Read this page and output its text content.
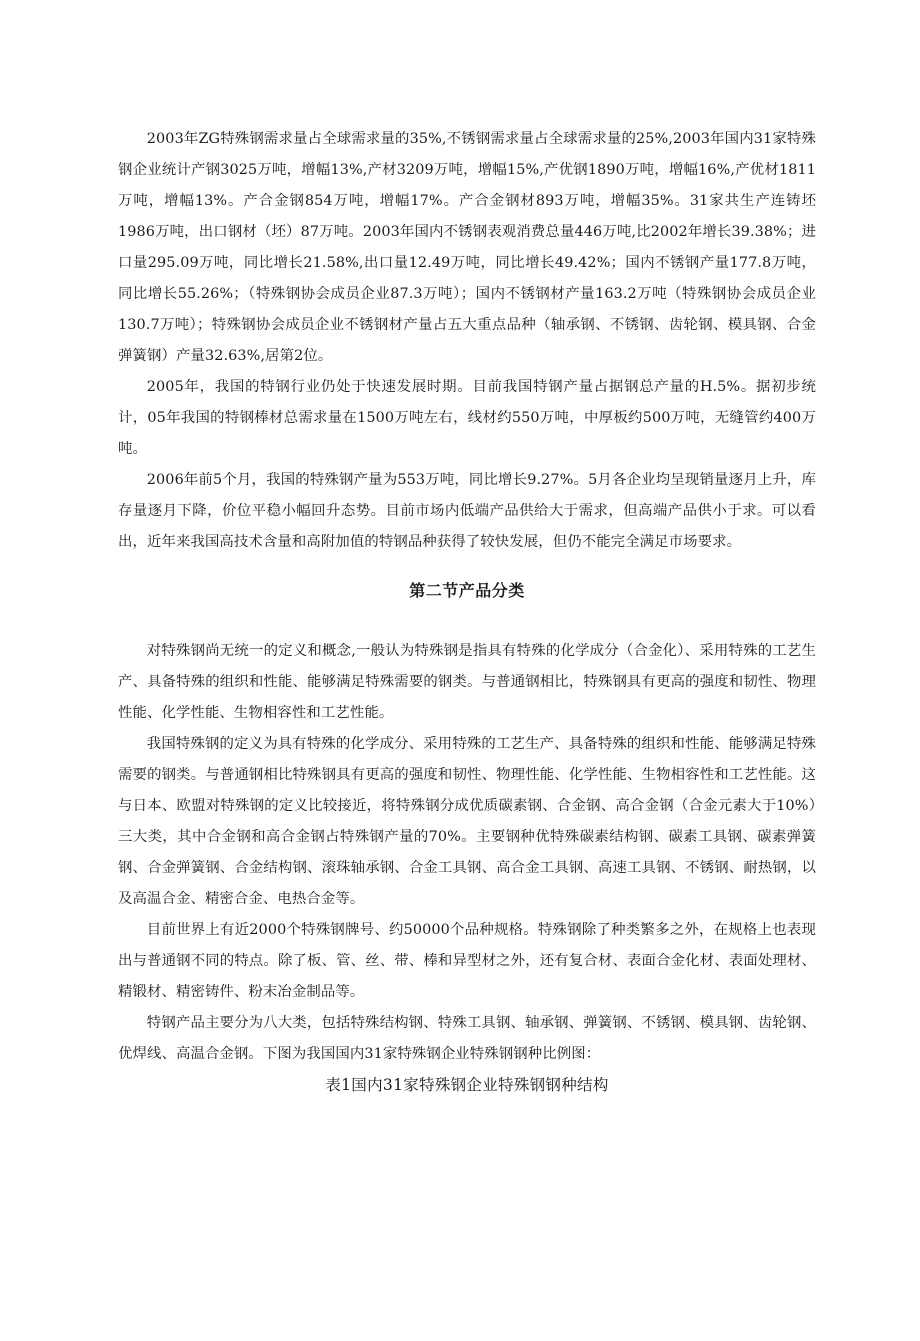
2003年ZG特殊钢需求量占全球需求量的35%,不锈钢需求量占全球需求量的25%,2003年国内31家特殊钢企业统计产钢3025万吨，增幅13%,产材3209万吨，增幅15%,产优钢1890万吨，增幅16%,产优材1811万吨，增幅13%。产合金钢854万吨，增幅17%。产合金钢材893万吨，增幅35%。31家共生产连铸坯1986万吨，出口钢材（坯）87万吨。2003年国内不锈钢表观消费总量446万吨,比2002年增长39.38%；进口量295.09万吨，同比增长21.58%,出口量12.49万吨，同比增长49.42%；国内不锈钢产量177.8万吨，同比增长55.26%；（特殊钢协会成员企业87.3万吨）；国内不锈钢材产量163.2万吨（特殊钢协会成员企业130.7万吨）；特殊钢协会成员企业不锈钢材产量占五大重点品种（轴承钢、不锈钢、齿轮钢、模具钢、合金弹簧钢）产量32.63%,居第2位。

2005年，我国的特钢行业仍处于快速发展时期。目前我国特钢产量占据钢总产量的H.5%。据初步统计，05年我国的特钢棒材总需求量在1500万吨左右，线材约550万吨，中厚板约500万吨，无缝管约400万吨。

2006年前5个月，我国的特殊钢产量为553万吨，同比增长9.27%。5月各企业均呈现销量逐月上升，库存量逐月下降，价位平稳小幅回升态势。目前市场内低端产品供给大于需求，但高端产品供小于求。可以看出，近年来我国高技术含量和高附加值的特钢品种获得了较快发展，但仍不能完全满足市场要求。

第二节产品分类

对特殊钢尚无统一的定义和概念,一般认为特殊钢是指具有特殊的化学成分（合金化）、采用特殊的工艺生产、具备特殊的组织和性能、能够满足特殊需要的钢类。与普通钢相比，特殊钢具有更高的强度和韧性、物理性能、化学性能、生物相容性和工艺性能。

我国特殊钢的定义为具有特殊的化学成分、采用特殊的工艺生产、具备特殊的组织和性能、能够满足特殊需要的钢类。与普通钢相比特殊钢具有更高的强度和韧性、物理性能、化学性能、生物相容性和工艺性能。这与日本、欧盟对特殊钢的定义比较接近，将特殊钢分成优质碳素钢、合金钢、高合金钢（合金元素大于10%）三大类，其中合金钢和高合金钢占特殊钢产量的70%。主要钢种优特殊碳素结构钢、碳素工具钢、碳素弹簧钢、合金弹簧钢、合金结构钢、滚珠轴承钢、合金工具钢、高合金工具钢、高速工具钢、不锈钢、耐热钢，以及高温合金、精密合金、电热合金等。

目前世界上有近2000个特殊钢牌号、约50000个品种规格。特殊钢除了种类繁多之外，在规格上也表现出与普通钢不同的特点。除了板、管、丝、带、棒和异型材之外，还有复合材、表面合金化材、表面处理材、精锻材、精密铸件、粉末冶金制品等。

特钢产品主要分为八大类，包括特殊结构钢、特殊工具钢、轴承钢、弹簧钢、不锈钢、模具钢、齿轮钢、优焊线、高温合金钢。下图为我国国内31家特殊钢企业特殊钢钢种比例图：

表1国内31家特殊钢企业特殊钢钢种结构
